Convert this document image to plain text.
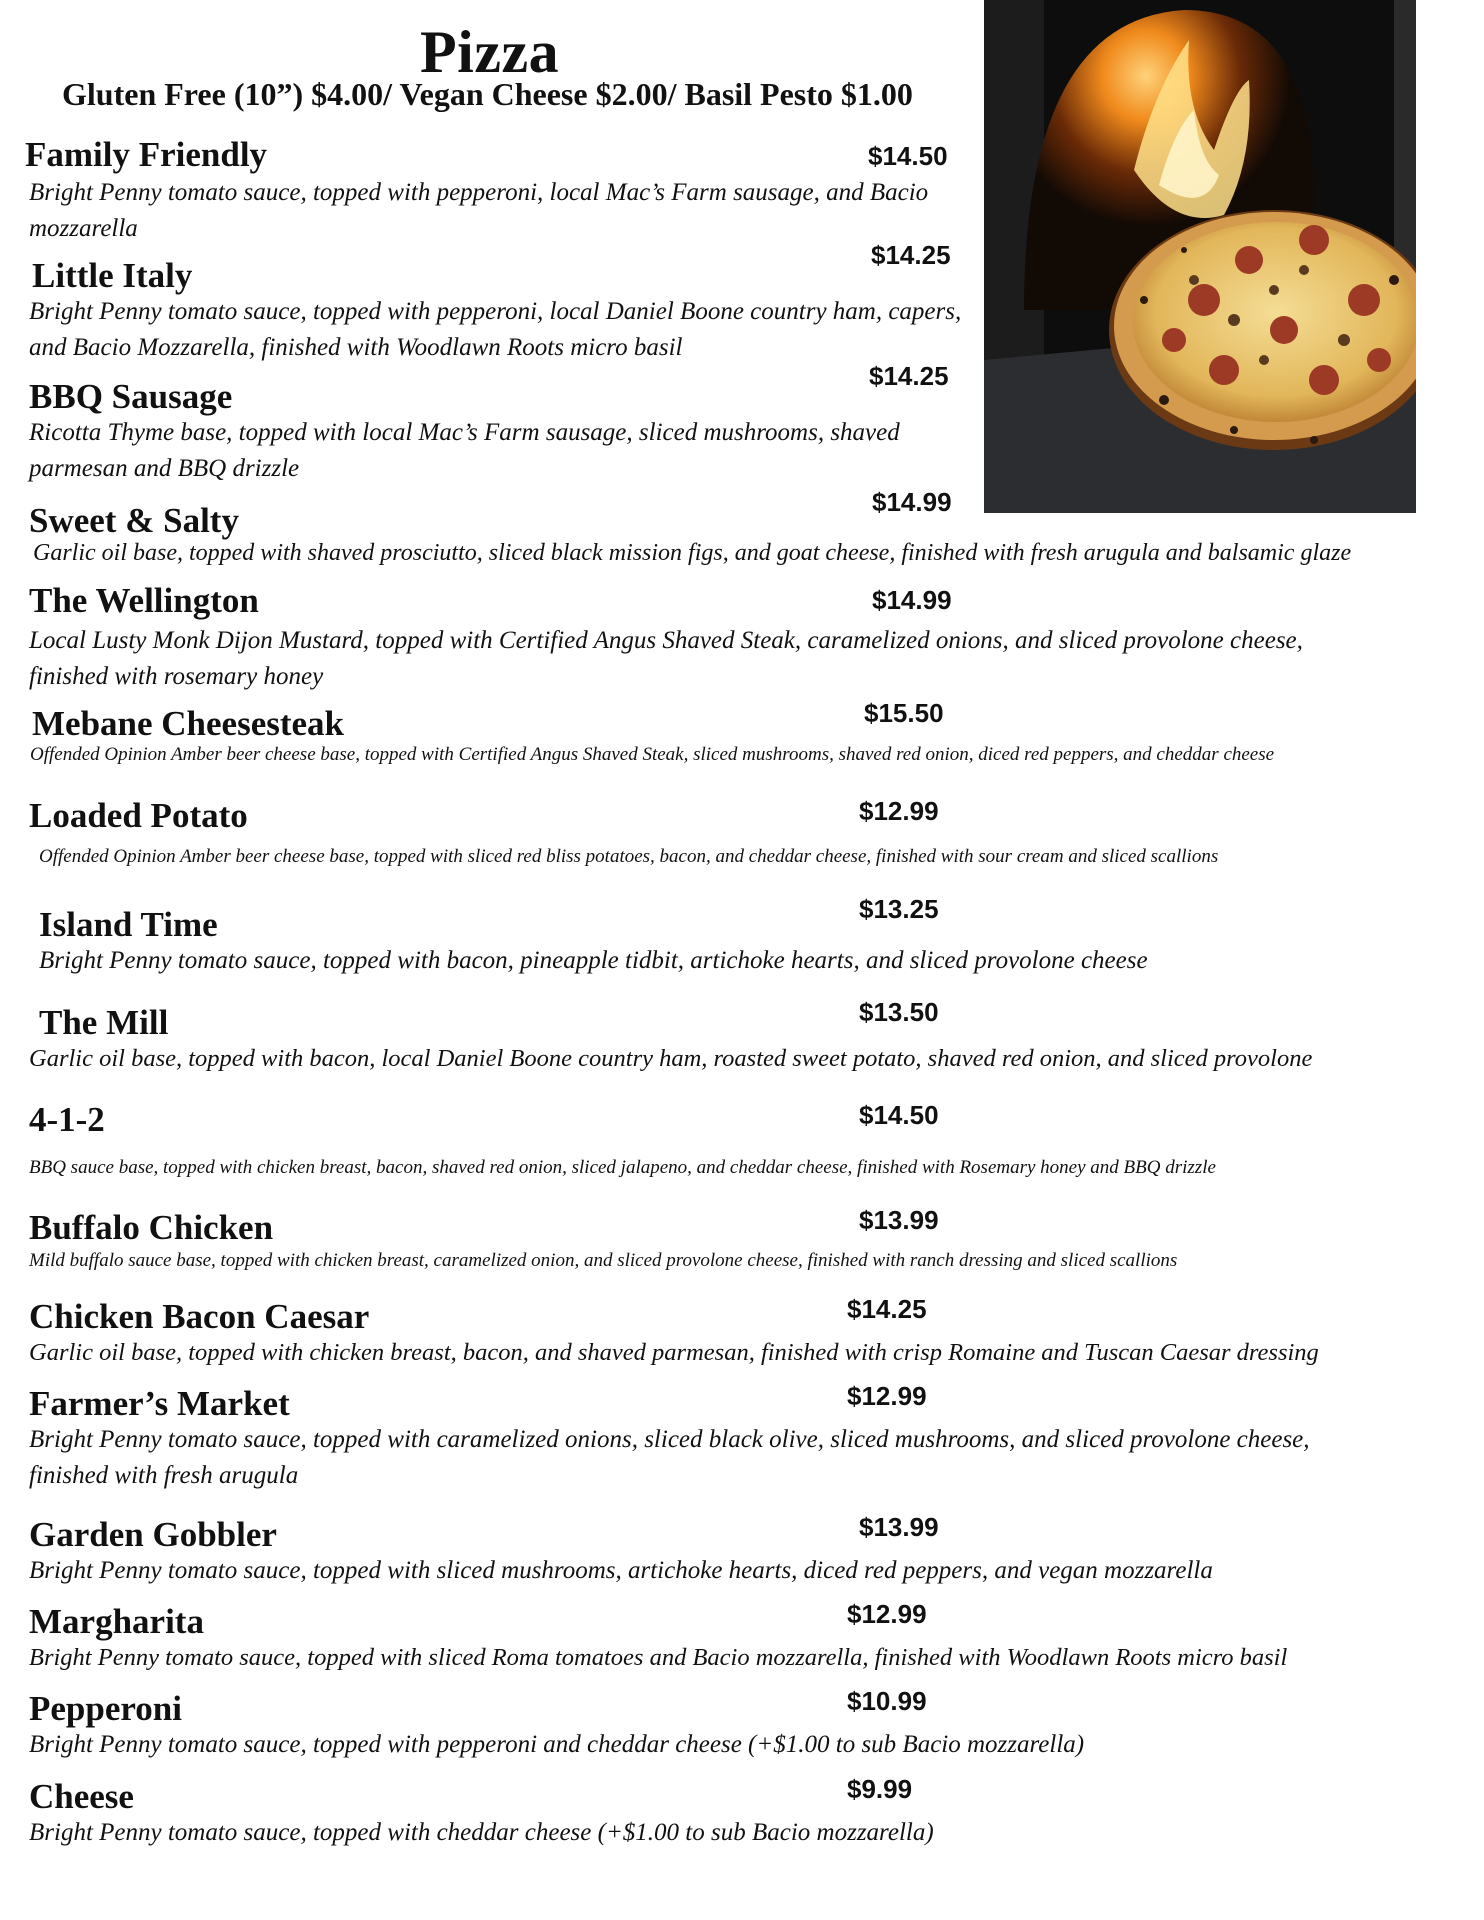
Pizza

Gluten Free (10”) $4.00/ Vegan Cheese $2.00/ Basil Pesto $1.00

Family Friendly	$14.50

Bright Penny tomato sauce, topped with pepperoni, local Mac’s Farm sausage, and Bacio mozzarella

Little Italy
$14.25

Bright Penny tomato sauce, topped with pepperoni, local Daniel Boone country ham, capers, and Bacio Mozzarella, finished with Woodlawn Roots micro basil

BBQ Sausage
$14.25

Ricotta Thyme base, topped with local Mac’s Farm sausage, sliced mushrooms, shaved parmesan and BBQ drizzle

Sweet & Salty	$14.99

Garlic oil base, topped with shaved prosciutto, sliced black mission figs, and goat cheese, finished with fresh arugula and balsamic glaze

The Wellington	$14.99

Local Lusty Monk Dijon Mustard, topped with Certified Angus Shaved Steak, caramelized onions, and sliced provolone cheese, finished with rosemary honey

Mebane Cheesesteak	$15.50

Offended Opinion Amber beer cheese base, topped with Certified Angus Shaved Steak, sliced mushrooms, shaved red onion, diced red peppers, and cheddar cheese

Loaded Potato	$12.99

Offended Opinion Amber beer cheese base, topped with sliced red bliss potatoes, bacon, and cheddar cheese, finished with sour cream and sliced scallions

Island Time	$13.25

Bright Penny tomato sauce, topped with bacon, pineapple tidbit, artichoke hearts, and sliced provolone cheese

The Mill	$13.50

Garlic oil base, topped with bacon, local Daniel Boone country ham, roasted sweet potato, shaved red onion, and sliced provolone

4-1-2	$14.50

BBQ sauce base, topped with chicken breast, bacon, shaved red onion, sliced jalapeno, and cheddar cheese, finished with Rosemary honey and BBQ drizzle

Buffalo Chicken	$13.99

Mild buffalo sauce base, topped with chicken breast, caramelized onion, and sliced provolone cheese, finished with ranch dressing and sliced scallions

Chicken Bacon Caesar	$14.25

Garlic oil base, topped with chicken breast, bacon, and shaved parmesan, finished with crisp Romaine and Tuscan Caesar dressing

Farmer’s Market	$12.99

Bright Penny tomato sauce, topped with caramelized onions, sliced black olive, sliced mushrooms, and sliced provolone cheese, finished with fresh arugula

Garden Gobbler	$13.99

Bright Penny tomato sauce, topped with sliced mushrooms, artichoke hearts, diced red peppers, and vegan mozzarella

Margharita	$12.99

Bright Penny tomato sauce, topped with sliced Roma tomatoes and Bacio mozzarella, finished with Woodlawn Roots micro basil

Pepperoni	$10.99

Bright Penny tomato sauce, topped with pepperoni and cheddar cheese (+$1.00 to sub Bacio mozzarella)

Cheese	$9.99

Bright Penny tomato sauce, topped with cheddar cheese (+$1.00 to sub Bacio mozzarella)
